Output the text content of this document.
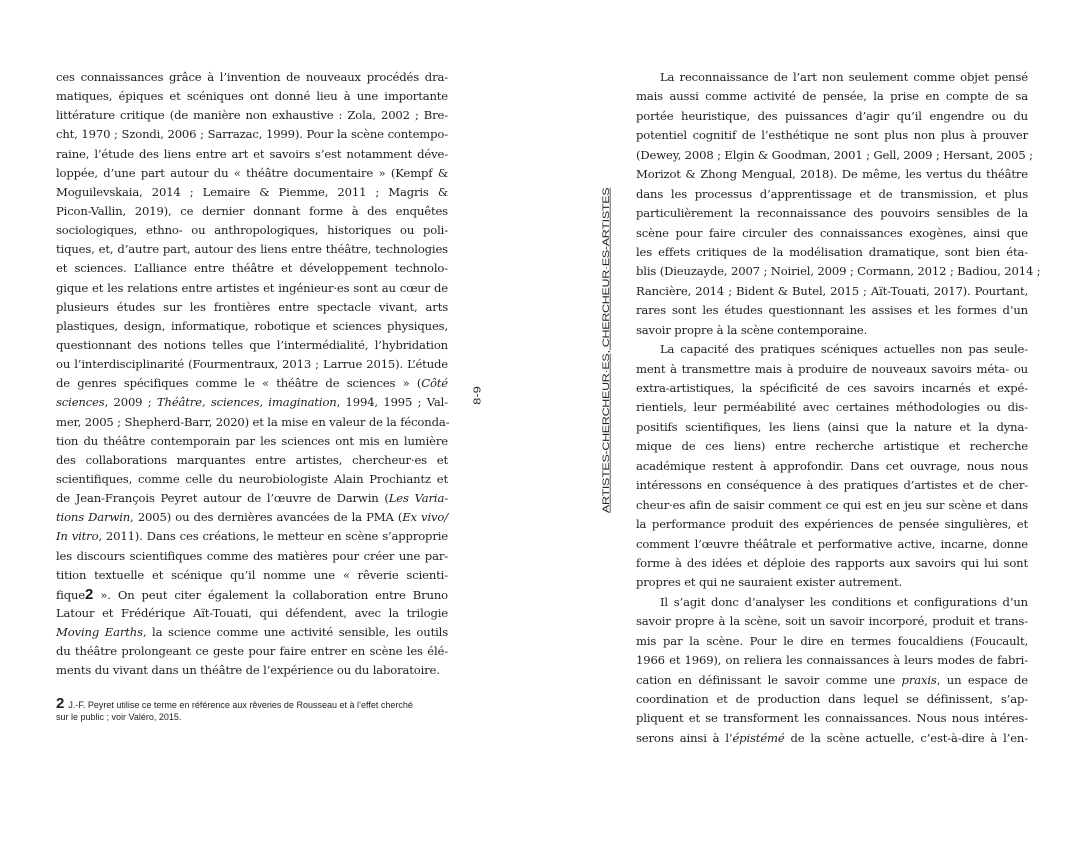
ces connaissances grâce à l’invention de nouveaux procédés dra-
matiques, épiques et scéniques ont donné lieu à une importante
littérature critique (de manière non exhaustive : Zola, 2002 ; Bre-
cht, 1970 ; Szondi, 2006 ; Sarrazac, 1999). Pour la scène contempo-
raine, l’étude des liens entre art et savoirs s’est notamment déve-
loppée, d’une part autour du « théâtre documentaire » (Kempf &
Moguilevskaia, 2014 ; Lemaire & Piemme, 2011 ; Magris &
Picon-Vallin, 2019), ce dernier donnant forme à des enquêtes
sociologiques, ethno- ou anthropologiques, historiques ou poli-
tiques, et, d’autre part, autour des liens entre théâtre, technologies
et sciences. L’alliance entre théâtre et développement technolo-
gique et les relations entre artistes et ingénieur·es sont au cœur de
plusieurs études sur les frontières entre spectacle vivant, arts
plastiques, design, informatique, robotique et sciences physiques,
questionnant des notions telles que l’intermédialité, l’hybridation
ou l’interdisciplinarité (Fourmentraux, 2013 ; Larrue 2015). L’étude
de genres spécifiques comme le « théâtre de sciences » (Côté
sciences, 2009 ; Théâtre, sciences, imagination, 1994, 1995 ; Val-
mer, 2005 ; Shepherd-Barr, 2020) et la mise en valeur de la féconda-
tion du théâtre contemporain par les sciences ont mis en lumière
des collaborations marquantes entre artistes, chercheur·es et
scientifiques, comme celle du neurobiologiste Alain Prochiantz et
de Jean-François Peyret autour de l’œuvre de Darwin (Les Varia-
tions Darwin, 2005) ou des dernières avancées de la PMA (Ex vivo/
In vitro, 2011). Dans ces créations, le metteur en scène s’approprie
les discours scientifiques comme des matières pour créer une par-
tition textuelle et scénique qu’il nomme une « rêverie scienti-
fique2 ». On peut citer également la collaboration entre Bruno
Latour et Frédérique Aït-Touati, qui défendent, avec la trilogie
Moving Earths, la science comme une activité sensible, les outils
du théâtre prolongeant ce geste pour faire entrer en scène les élé-
ments du vivant dans un théâtre de l’expérience ou du laboratoire.
2 J.-F. Peyret utilise ce terme en référence aux rêveries de Rousseau et à l’effet cherché
sur le public ; voir Valéro, 2015.
8-9	ARTISTES-CHERCHEUR·ES, CHERCHEUR·ES-ARTISTES
La reconnaissance de l’art non seulement comme objet pensé
mais aussi comme activité de pensée, la prise en compte de sa
portée heuristique, des puissances d’agir qu’il engendre ou du
potentiel cognitif de l’esthétique ne sont plus non plus à prouver
(Dewey, 2008 ; Elgin & Goodman, 2001 ; Gell, 2009 ; Hersant, 2005 ;
Morizot & Zhong Mengual, 2018). De même, les vertus du théâtre
dans les processus d’apprentissage et de transmission, et plus
particulièrement la reconnaissance des pouvoirs sensibles de la
scène pour faire circuler des connaissances exogènes, ainsi que
les effets critiques de la modélisation dramatique, sont bien éta-
blis (Dieuzayde, 2007 ; Noiriel, 2009 ; Cormann, 2012 ; Badiou, 2014 ;
Rancière, 2014 ; Bident & Butel, 2015 ; Aït-Touati, 2017). Pourtant,
rares sont les études questionnant les assises et les formes d’un
savoir propre à la scène contemporaine.
La capacité des pratiques scéniques actuelles non pas seule-
ment à transmettre mais à produire de nouveaux savoirs méta- ou
extra-artistiques, la spécificité de ces savoirs incarnés et expé-
rientiels, leur perméabilité avec certaines méthodologies ou dis-
positifs scientifiques, les liens (ainsi que la nature et la dyna-
mique de ces liens) entre recherche artistique et recherche
académique restent à approfondir. Dans cet ouvrage, nous nous
intéressons en conséquence à des pratiques d’artistes et de cher-
cheur·es afin de saisir comment ce qui est en jeu sur scène et dans
la performance produit des expériences de pensée singulières, et
comment l’œuvre théâtrale et performative active, incarne, donne
forme à des idées et déploie des rapports aux savoirs qui lui sont
propres et qui ne sauraient exister autrement.
Il s’agit donc d’analyser les conditions et configurations d’un
savoir propre à la scène, soit un savoir incorporé, produit et trans-
mis par la scène. Pour le dire en termes foucaldiens (Foucault,
1966 et 1969), on reliera les connaissances à leurs modes de fabri-
cation en définissant le savoir comme une praxis, un espace de
coordination et de production dans lequel se définissent, s’ap-
pliquent et se transforment les connaissances. Nous nous intéres-
serons ainsi à l’épistémé de la scène actuelle, c’est-à-dire à l’en-
